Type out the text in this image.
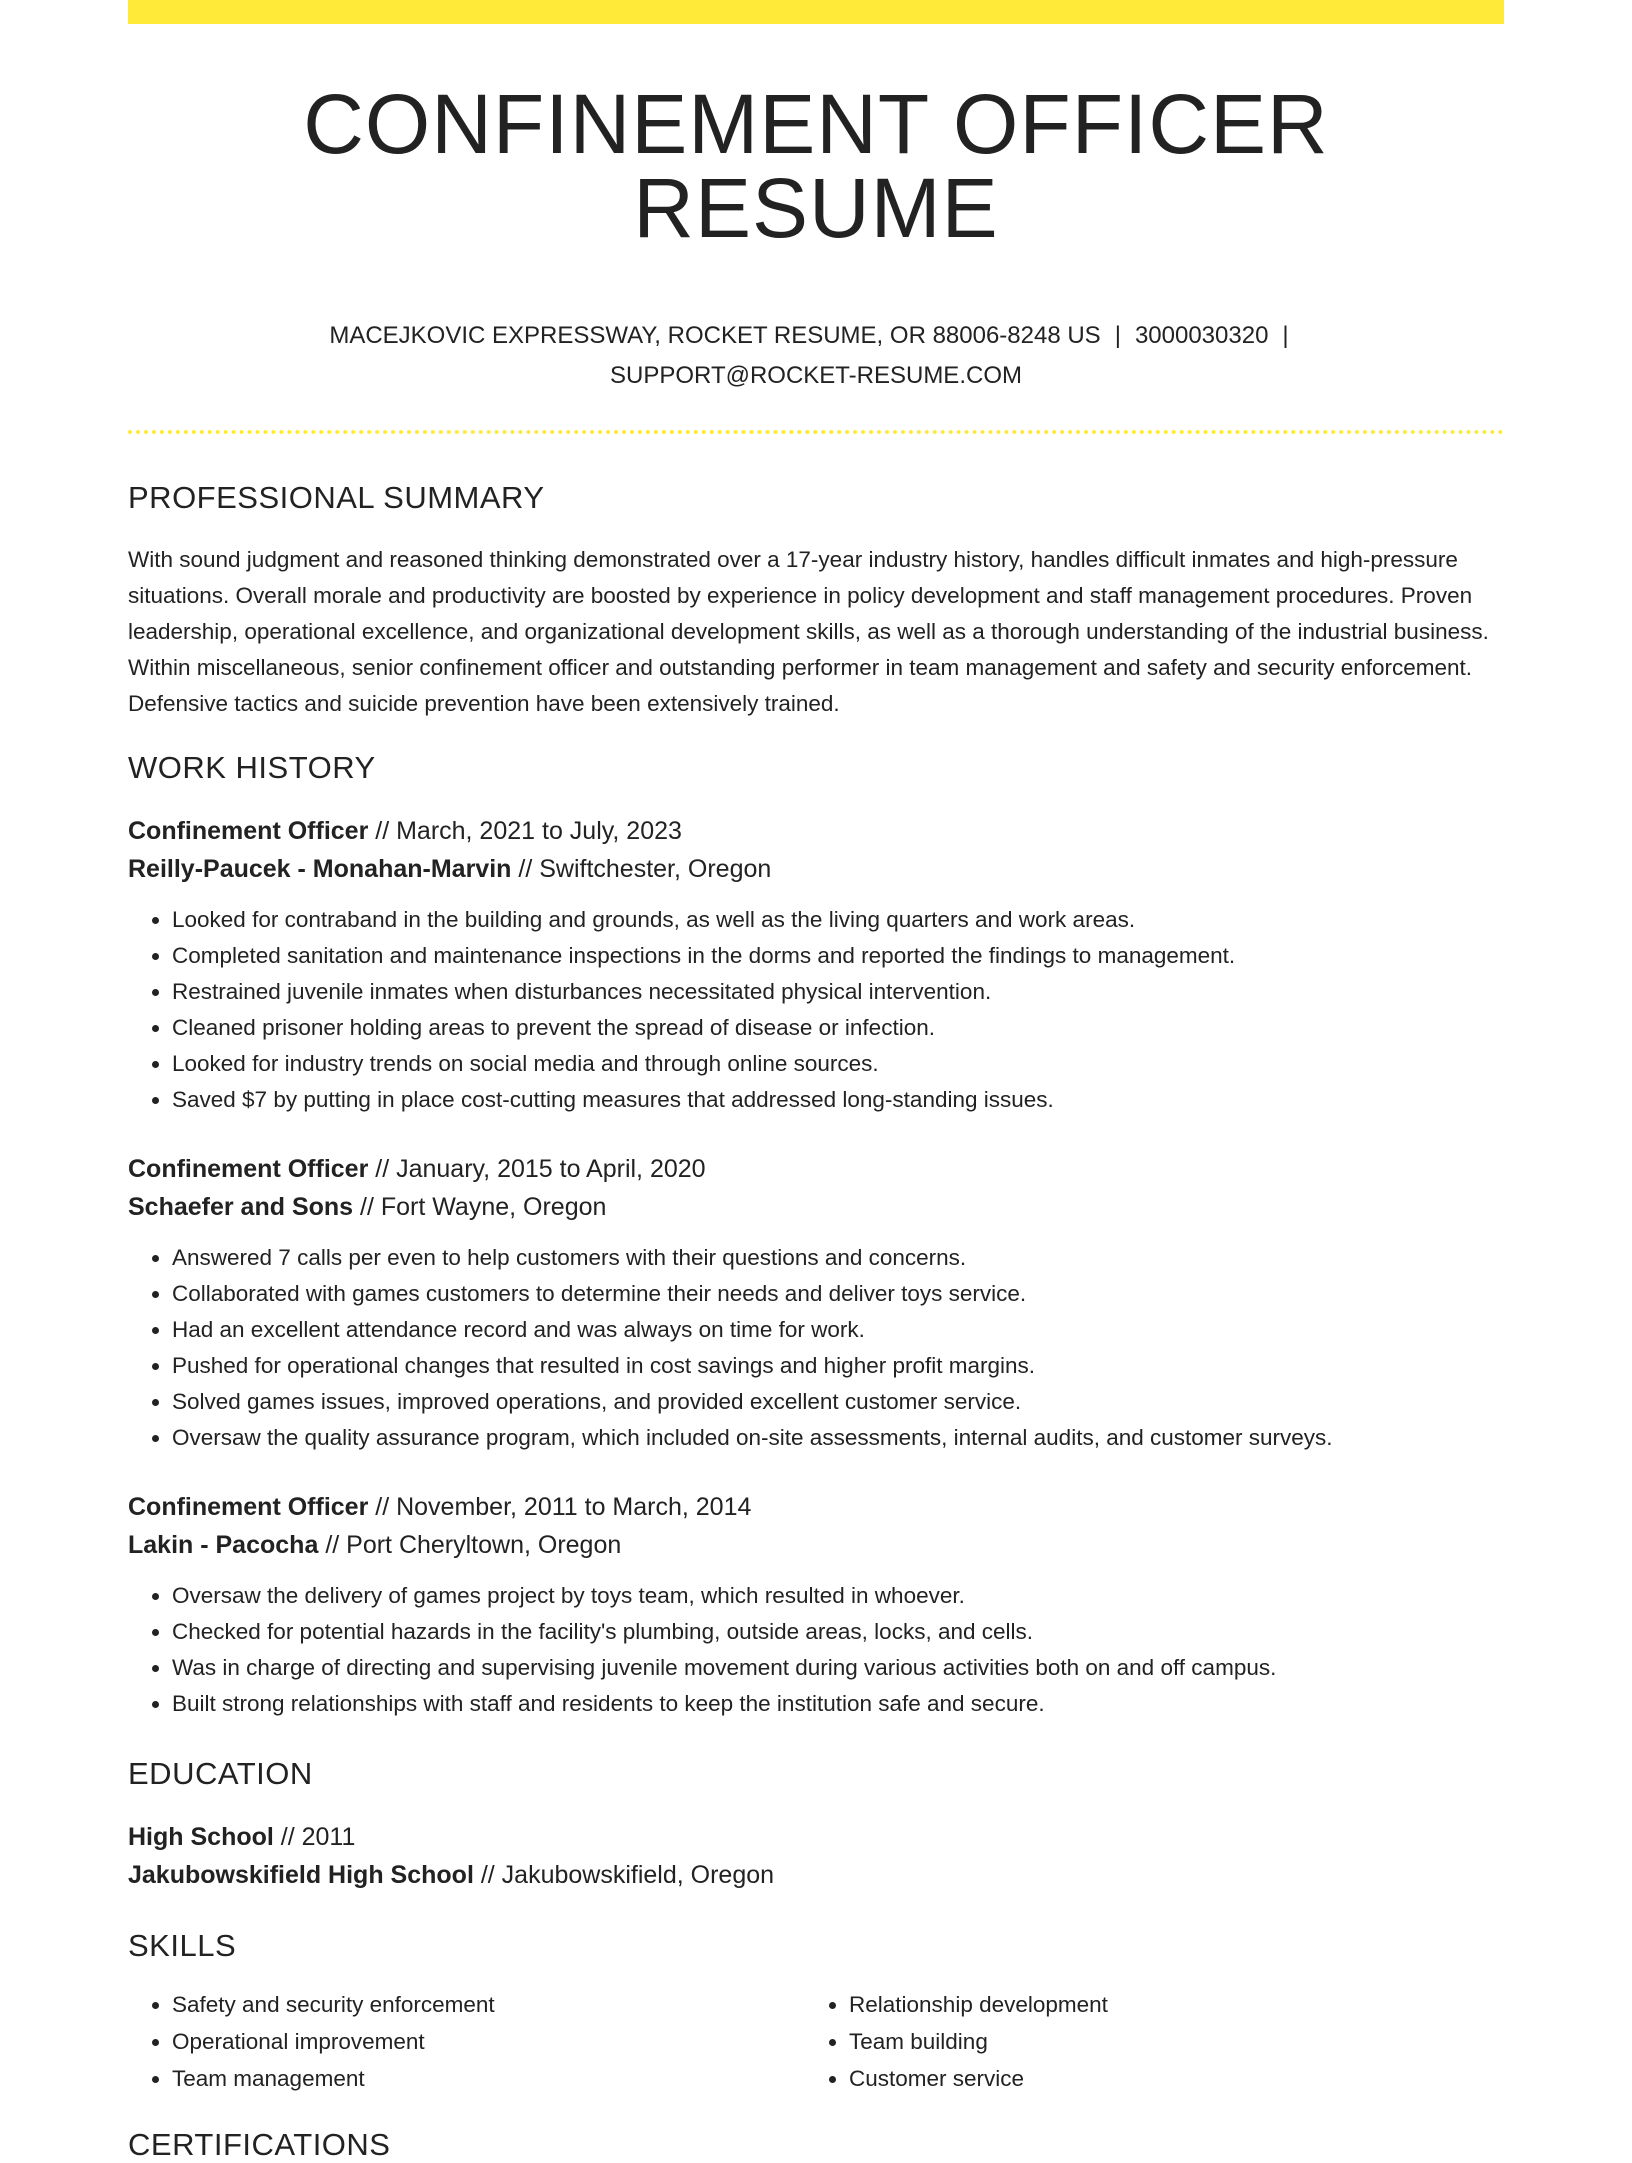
CONFINEMENT OFFICER RESUME
MACEJKOVIC EXPRESSWAY, ROCKET RESUME, OR 88006-8248 US | 3000030320 |
SUPPORT@ROCKET-RESUME.COM
PROFESSIONAL SUMMARY

With sound judgment and reasoned thinking demonstrated over a 17-year industry history, handles difficult inmates and high-pressure situations. Overall morale and productivity are boosted by experience in policy development and staff management procedures. Proven leadership, operational excellence, and organizational development skills, as well as a thorough understanding of the industrial business. Within miscellaneous, senior confinement officer and outstanding performer in team management and safety and security enforcement. Defensive tactics and suicide prevention have been extensively trained.

WORK HISTORY
Confinement Officer // March, 2021 to July, 2023
Reilly-Paucek - Monahan-Marvin // Swiftchester, Oregon
• Looked for contraband in the building and grounds, as well as the living quarters and work areas.
• Completed sanitation and maintenance inspections in the dorms and reported the findings to management.
• Restrained juvenile inmates when disturbances necessitated physical intervention.
• Cleaned prisoner holding areas to prevent the spread of disease or infection.
• Looked for industry trends on social media and through online sources.
• Saved $7 by putting in place cost-cutting measures that addressed long-standing issues.
Confinement Officer // January, 2015 to April, 2020
Schaefer and Sons // Fort Wayne, Oregon
• Answered 7 calls per even to help customers with their questions and concerns.
• Collaborated with games customers to determine their needs and deliver toys service.
• Had an excellent attendance record and was always on time for work.
• Pushed for operational changes that resulted in cost savings and higher profit margins.
• Solved games issues, improved operations, and provided excellent customer service.
• Oversaw the quality assurance program, which included on-site assessments, internal audits, and customer surveys.
Confinement Officer // November, 2011 to March, 2014
Lakin - Pacocha // Port Cheryltown, Oregon
• Oversaw the delivery of games project by toys team, which resulted in whoever.
• Checked for potential hazards in the facility's plumbing, outside areas, locks, and cells.
• Was in charge of directing and supervising juvenile movement during various activities both on and off campus.
• Built strong relationships with staff and residents to keep the institution safe and secure.
EDUCATION
High School // 2011
Jakubowskifield High School // Jakubowskifield, Oregon
SKILLS
• Safety and security enforcement
• Operational improvement
• Team management
• Relationship development
• Team building
• Customer service
CERTIFICATIONS
